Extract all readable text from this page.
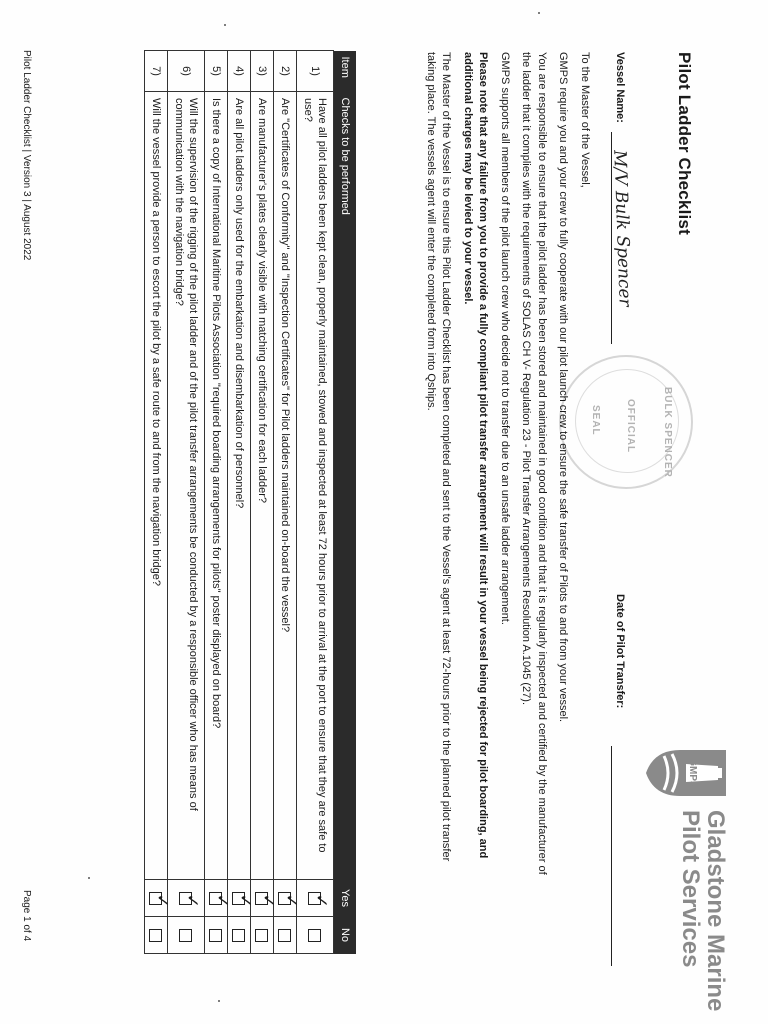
GMPS
Gladstone Marine
Pilot Services
Pilot Ladder Checklist
BULK SPENCER
OFFICIAL
SEAL
Vessel Name:
M/V Bulk Spencer
Date of Pilot Transfer:

To the Master of the Vessel,

GMPS require you and your crew to fully cooperate with our pilot launch crew to ensure the safe transfer of Pilots to and from your vessel.

You are responsible to ensure that the pilot ladder has been stored and maintained in good condition and that it is regularly inspected and certified by the manufacturer of the ladder that it complies with the requirements of SOLAS CH V- Regulation 23 - Pilot Transfer Arrangements Resolution A.1045 (27).

GMPS supports all members of the pilot launch crew who decide not to transfer due to an unsafe ladder arrangement.

Please note that any failure from you to provide a fully compliant pilot transfer arrangement will result in your vessel being rejected for pilot boarding, and additional charges may be levied to your vessel.

The Master of the Vessel is to ensure this Pilot Ladder Checklist has been completed and sent to the Vessel's agent at least 72-hours prior to the planned pilot transfer taking place. The vessels agent will enter the completed form into Qships.

Item	Checks to be performed	Yes	No
1)	Have all pilot ladders been kept clean, properly maintained, stowed and inspected at least 72 hours prior to arrival at the port to ensure that they are safe to use?	✓	

2)	Are "Certificates of Conformity" and "Inspection Certificates" for Pilot ladders maintained on-board the vessel?	✓	

3)	Are manufacturer's plates clearly visible with matching certification for each ladder?	✓	

4)	Are all pilot ladders only used for the embarkation and disembarkation of personnel?	✓	

5)	Is there a copy of International Maritime Pilots Association "required boarding arrangements for pilots" poster displayed on board?	✓	

6)	Will the supervision of the rigging of the pilot ladder and of the pilot transfer arrangements be conducted by a responsible officer who has means of communication with the navigation bridge?	✓	

7)	Will the vessel provide a person to escort the pilot by a safe route to and from the navigation bridge?	✓	

Pilot Ladder Checklist | Version 3 | August 2022
Page 1 of 4
